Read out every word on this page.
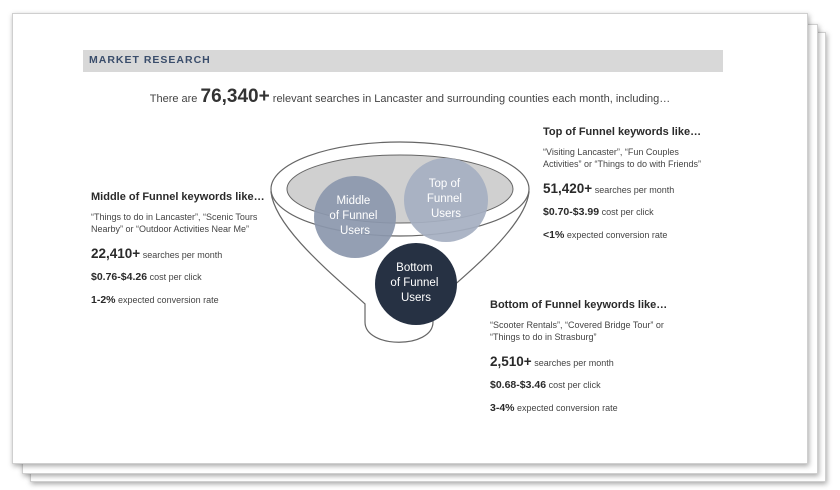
MARKET RESEARCH
There are 76,340+ relevant searches in Lancaster and surrounding counties each month, including…
Middle of Funnel Users
Top of Funnel Users
Bottom of Funnel Users
Middle of Funnel keywords like…
“Things to do in Lancaster”, “Scenic Tours Nearby” or “Outdoor Activities Near Me”
22,410+ searches per month
$0.76-$4.26 cost per click
1-2% expected conversion rate
Top of Funnel keywords like…
“Visiting Lancaster”, “Fun Couples Activities” or “Things to do with Friends”
51,420+ searches per month
$0.70-$3.99 cost per click
<1% expected conversion rate
Bottom of Funnel keywords like…
“Scooter Rentals”, “Covered Bridge Tour” or “Things to do in Strasburg”
2,510+ searches per month
$0.68-$3.46 cost per click
3-4% expected conversion rate
